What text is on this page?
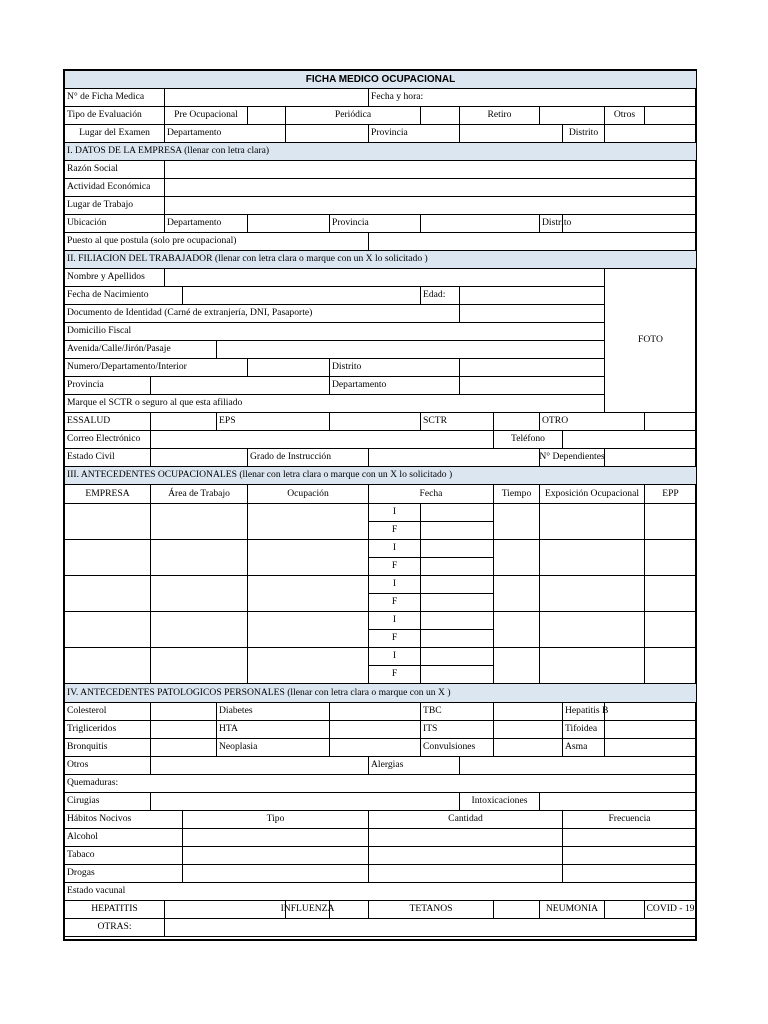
FICHA MEDICO OCUPACIONAL
N° de Ficha Medica	Fecha y hora:
Tipo de Evaluación	Pre Ocupacional	Periódica	Retiro	Otros
Lugar del Examen	Departamento	Provincia	Distrito
I. DATOS DE LA EMPRESA (llenar con letra clara)
Razón Social
Actividad Económica
Lugar de Trabajo
Ubicación	Departamento	Provincia	Distrito
Puesto al que postula (solo pre ocupacional)
II. FILIACION DEL TRABAJADOR (llenar con letra clara o marque con un X lo solicitado )
Nombre y Apellidos
FOTO
Fecha de Nacimiento	Edad:
Documento de Identidad (Carné de extranjería, DNI, Pasaporte)
Domicilio Fiscal
Avenida/Calle/Jirón/Pasaje
Numero/Departamento/Interior	Distrito
Provincia	Departamento
Marque el SCTR o seguro al que esta afiliado
ESSALUD	EPS	SCTR	OTRO
Correo Electrónico	Teléfono
Estado Civil	Grado de Instrucción	N° Dependientes
III. ANTECEDENTES OCUPACIONALES (llenar con letra clara o marque con un X lo solicitado )
EMPRESA	Área de Trabajo	Ocupación	Fecha	Tiempo	Exposición Ocupacional	EPP
I
F
I
F
I
F
I
F
I
F
IV. ANTECEDENTES PATOLOGICOS PERSONALES (llenar con letra clara o marque con un X )
Colesterol	Diabetes	TBC	Hepatitis B
Trigliceridos	HTA	ITS	Tifoidea
Bronquitis	Neoplasia	Convulsiones	Asma
Otros	Alergias
Quemaduras:
Cirugias	Intoxicaciones
Hábitos Nocivos	Tipo	Cantidad	Frecuencia
Alcohol
Tabaco
Drogas
Estado vacunal
HEPATITIS	INFLUENZA	TETANOS	NEUMONIA	COVID - 19
OTRAS:
